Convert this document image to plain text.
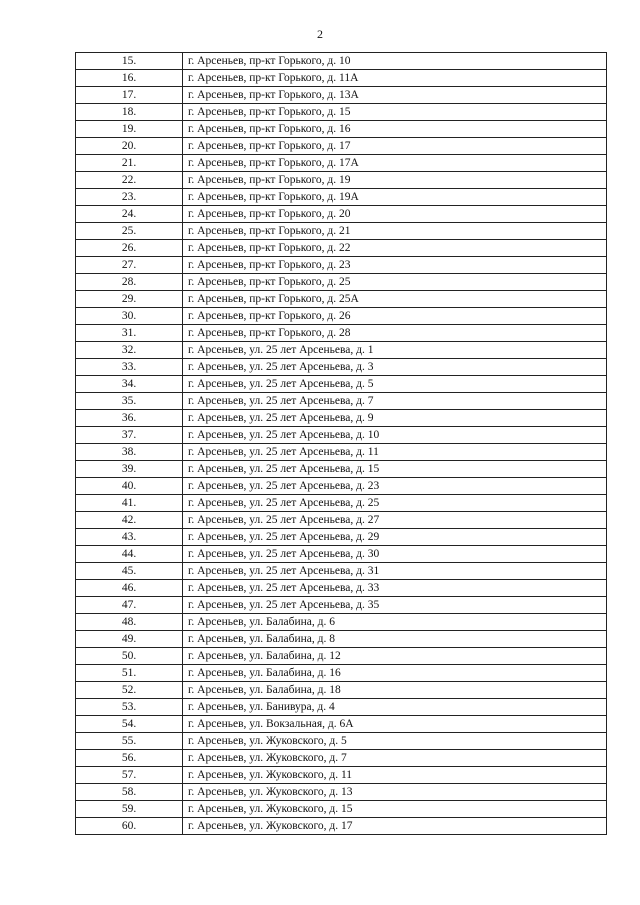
2
15.	г. Арсеньев, пр-кт Горького, д. 10
16.	г. Арсеньев, пр-кт Горького, д. 11А
17.	г. Арсеньев, пр-кт Горького, д. 13А
18.	г. Арсеньев, пр-кт Горького, д. 15
19.	г. Арсеньев, пр-кт Горького, д. 16
20.	г. Арсеньев, пр-кт Горького, д. 17
21.	г. Арсеньев, пр-кт Горького, д. 17А
22.	г. Арсеньев, пр-кт Горького, д. 19
23.	г. Арсеньев, пр-кт Горького, д. 19А
24.	г. Арсеньев, пр-кт Горького, д. 20
25.	г. Арсеньев, пр-кт Горького, д. 21
26.	г. Арсеньев, пр-кт Горького, д. 22
27.	г. Арсеньев, пр-кт Горького, д. 23
28.	г. Арсеньев, пр-кт Горького, д. 25
29.	г. Арсеньев, пр-кт Горького, д. 25А
30.	г. Арсеньев, пр-кт Горького, д. 26
31.	г. Арсеньев, пр-кт Горького, д. 28
32.	г. Арсеньев, ул. 25 лет Арсеньева, д. 1
33.	г. Арсеньев, ул. 25 лет Арсеньева, д. 3
34.	г. Арсеньев, ул. 25 лет Арсеньева, д. 5
35.	г. Арсеньев, ул. 25 лет Арсеньева, д. 7
36.	г. Арсеньев, ул. 25 лет Арсеньева, д. 9
37.	г. Арсеньев, ул. 25 лет Арсеньева, д. 10
38.	г. Арсеньев, ул. 25 лет Арсеньева, д. 11
39.	г. Арсеньев, ул. 25 лет Арсеньева, д. 15
40.	г. Арсеньев, ул. 25 лет Арсеньева, д. 23
41.	г. Арсеньев, ул. 25 лет Арсеньева, д. 25
42.	г. Арсеньев, ул. 25 лет Арсеньева, д. 27
43.	г. Арсеньев, ул. 25 лет Арсеньева, д. 29
44.	г. Арсеньев, ул. 25 лет Арсеньева, д. 30
45.	г. Арсеньев, ул. 25 лет Арсеньева, д. 31
46.	г. Арсеньев, ул. 25 лет Арсеньева, д. 33
47.	г. Арсеньев, ул. 25 лет Арсеньева, д. 35
48.	г. Арсеньев, ул. Балабина, д. 6
49.	г. Арсеньев, ул. Балабина, д. 8
50.	г. Арсеньев, ул. Балабина, д. 12
51.	г. Арсеньев, ул. Балабина, д. 16
52.	г. Арсеньев, ул. Балабина, д. 18
53.	г. Арсеньев, ул. Банивура, д. 4
54.	г. Арсеньев, ул. Вокзальная, д. 6А
55.	г. Арсеньев, ул. Жуковского, д. 5
56.	г. Арсеньев, ул. Жуковского, д. 7
57.	г. Арсеньев, ул. Жуковского, д. 11
58.	г. Арсеньев, ул. Жуковского, д. 13
59.	г. Арсеньев, ул. Жуковского, д. 15
60.	г. Арсеньев, ул. Жуковского, д. 17
